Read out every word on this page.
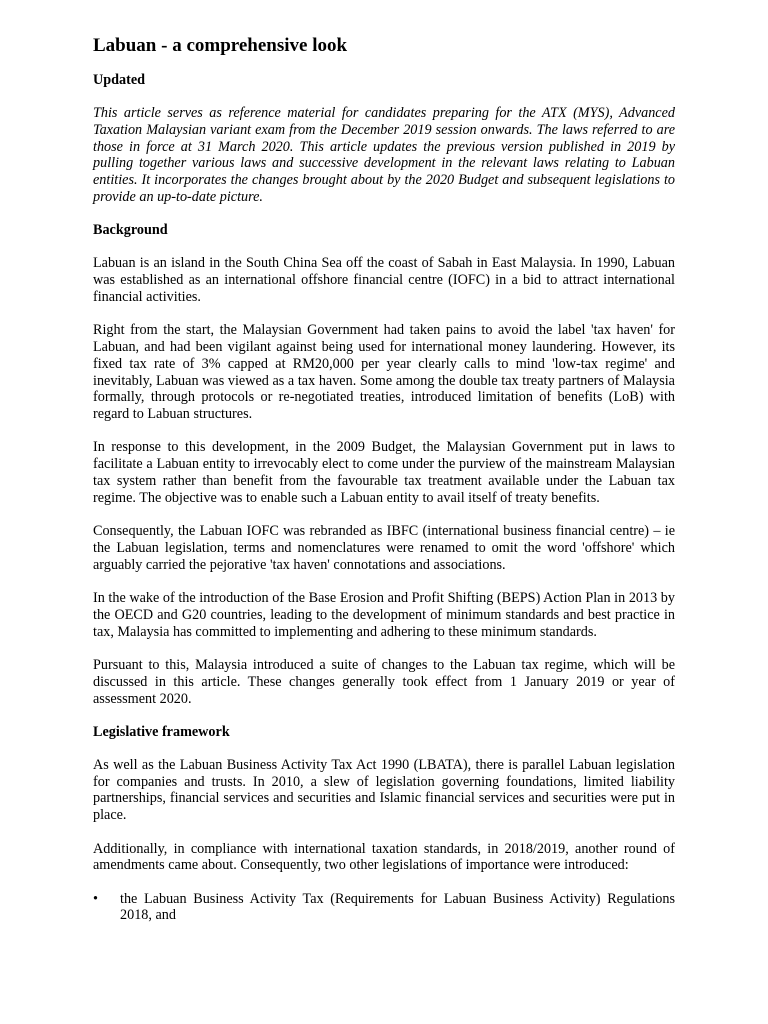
Labuan - a comprehensive look
Updated

This article serves as reference material for candidates preparing for the ATX (MYS), Advanced Taxation Malaysian variant exam from the December 2019 session onwards. The laws referred to are those in force at 31 March 2020. This article updates the previous version published in 2019 by pulling together various laws and successive development in the relevant laws relating to Labuan entities. It incorporates the changes brought about by the 2020 Budget and subsequent legislations to provide an up-to-date picture.

Background

Labuan is an island in the South China Sea off the coast of Sabah in East Malaysia. In 1990, Labuan was established as an international offshore financial centre (IOFC) in a bid to attract international financial activities.

Right from the start, the Malaysian Government had taken pains to avoid the label 'tax haven' for Labuan, and had been vigilant against being used for international money laundering. However, its fixed tax rate of 3% capped at RM20,000 per year clearly calls to mind 'low-tax regime' and inevitably, Labuan was viewed as a tax haven. Some among the double tax treaty partners of Malaysia formally, through protocols or re-negotiated treaties, introduced limitation of benefits (LoB) with regard to Labuan structures.

In response to this development, in the 2009 Budget, the Malaysian Government put in laws to facilitate a Labuan entity to irrevocably elect to come under the purview of the mainstream Malaysian tax system rather than benefit from the favourable tax treatment available under the Labuan tax regime. The objective was to enable such a Labuan entity to avail itself of treaty benefits.

Consequently, the Labuan IOFC was rebranded as IBFC (international business financial centre) – ie the Labuan legislation, terms and nomenclatures were renamed to omit the word 'offshore' which arguably carried the pejorative 'tax haven' connotations and associations.

In the wake of the introduction of the Base Erosion and Profit Shifting (BEPS) Action Plan in 2013 by the OECD and G20 countries, leading to the development of minimum standards and best practice in tax, Malaysia has committed to implementing and adhering to these minimum standards.

Pursuant to this, Malaysia introduced a suite of changes to the Labuan tax regime, which will be discussed in this article. These changes generally took effect from 1 January 2019 or year of assessment 2020.

Legislative framework

As well as the Labuan Business Activity Tax Act 1990 (LBATA), there is parallel Labuan legislation for companies and trusts. In 2010, a slew of legislation governing foundations, limited liability partnerships, financial services and securities and Islamic financial services and securities were put in place.

Additionally, in compliance with international taxation standards, in 2018/2019, another round of amendments came about. Consequently, two other legislations of importance were introduced:

• the Labuan Business Activity Tax (Requirements for Labuan Business Activity) Regulations 2018, and
